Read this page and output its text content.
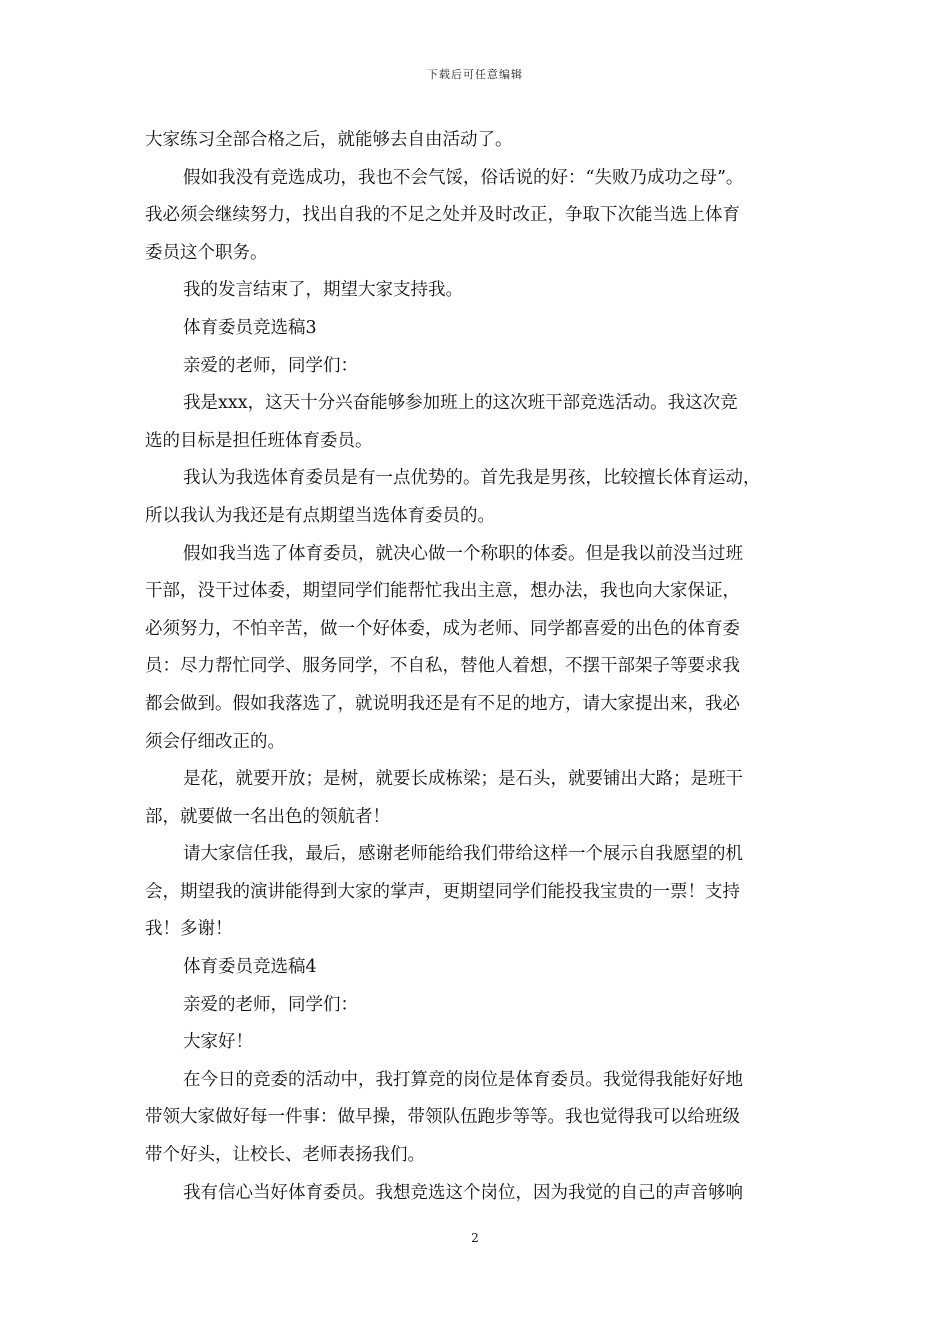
下载后可任意编辑
大家练习全部合格之后，就能够去自由活动了。
假如我没有竞选成功，我也不会气馁，俗话说的好：“失败乃成功之母”。
我必须会继续努力，找出自我的不足之处并及时改正，争取下次能当选上体育
委员这个职务。
我的发言结束了，期望大家支持我。
体育委员竞选稿3
亲爱的老师，同学们：
我是xxx，这天十分兴奋能够参加班上的这次班干部竞选活动。我这次竞
选的目标是担任班体育委员。
我认为我选体育委员是有一点优势的。首先我是男孩，比较擅长体育运动，
所以我认为我还是有点期望当选体育委员的。
假如我当选了体育委员，就决心做一个称职的体委。但是我以前没当过班
干部，没干过体委，期望同学们能帮忙我出主意，想办法，我也向大家保证，
必须努力，不怕辛苦，做一个好体委，成为老师、同学都喜爱的出色的体育委
员：尽力帮忙同学、服务同学，不自私，替他人着想，不摆干部架子等要求我
都会做到。假如我落选了，就说明我还是有不足的地方，请大家提出来，我必
须会仔细改正的。
是花，就要开放；是树，就要长成栋梁；是石头，就要铺出大路；是班干
部，就要做一名出色的领航者！
请大家信任我，最后，感谢老师能给我们带给这样一个展示自我愿望的机
会，期望我的演讲能得到大家的掌声，更期望同学们能投我宝贵的一票！支持
我！多谢！
体育委员竞选稿4
亲爱的老师，同学们：
大家好！
在今日的竞委的活动中，我打算竞的岗位是体育委员。我觉得我能好好地
带领大家做好每一件事：做早操，带领队伍跑步等等。我也觉得我可以给班级
带个好头，让校长、老师表扬我们。
我有信心当好体育委员。我想竞选这个岗位，因为我觉的自己的声音够响
2
